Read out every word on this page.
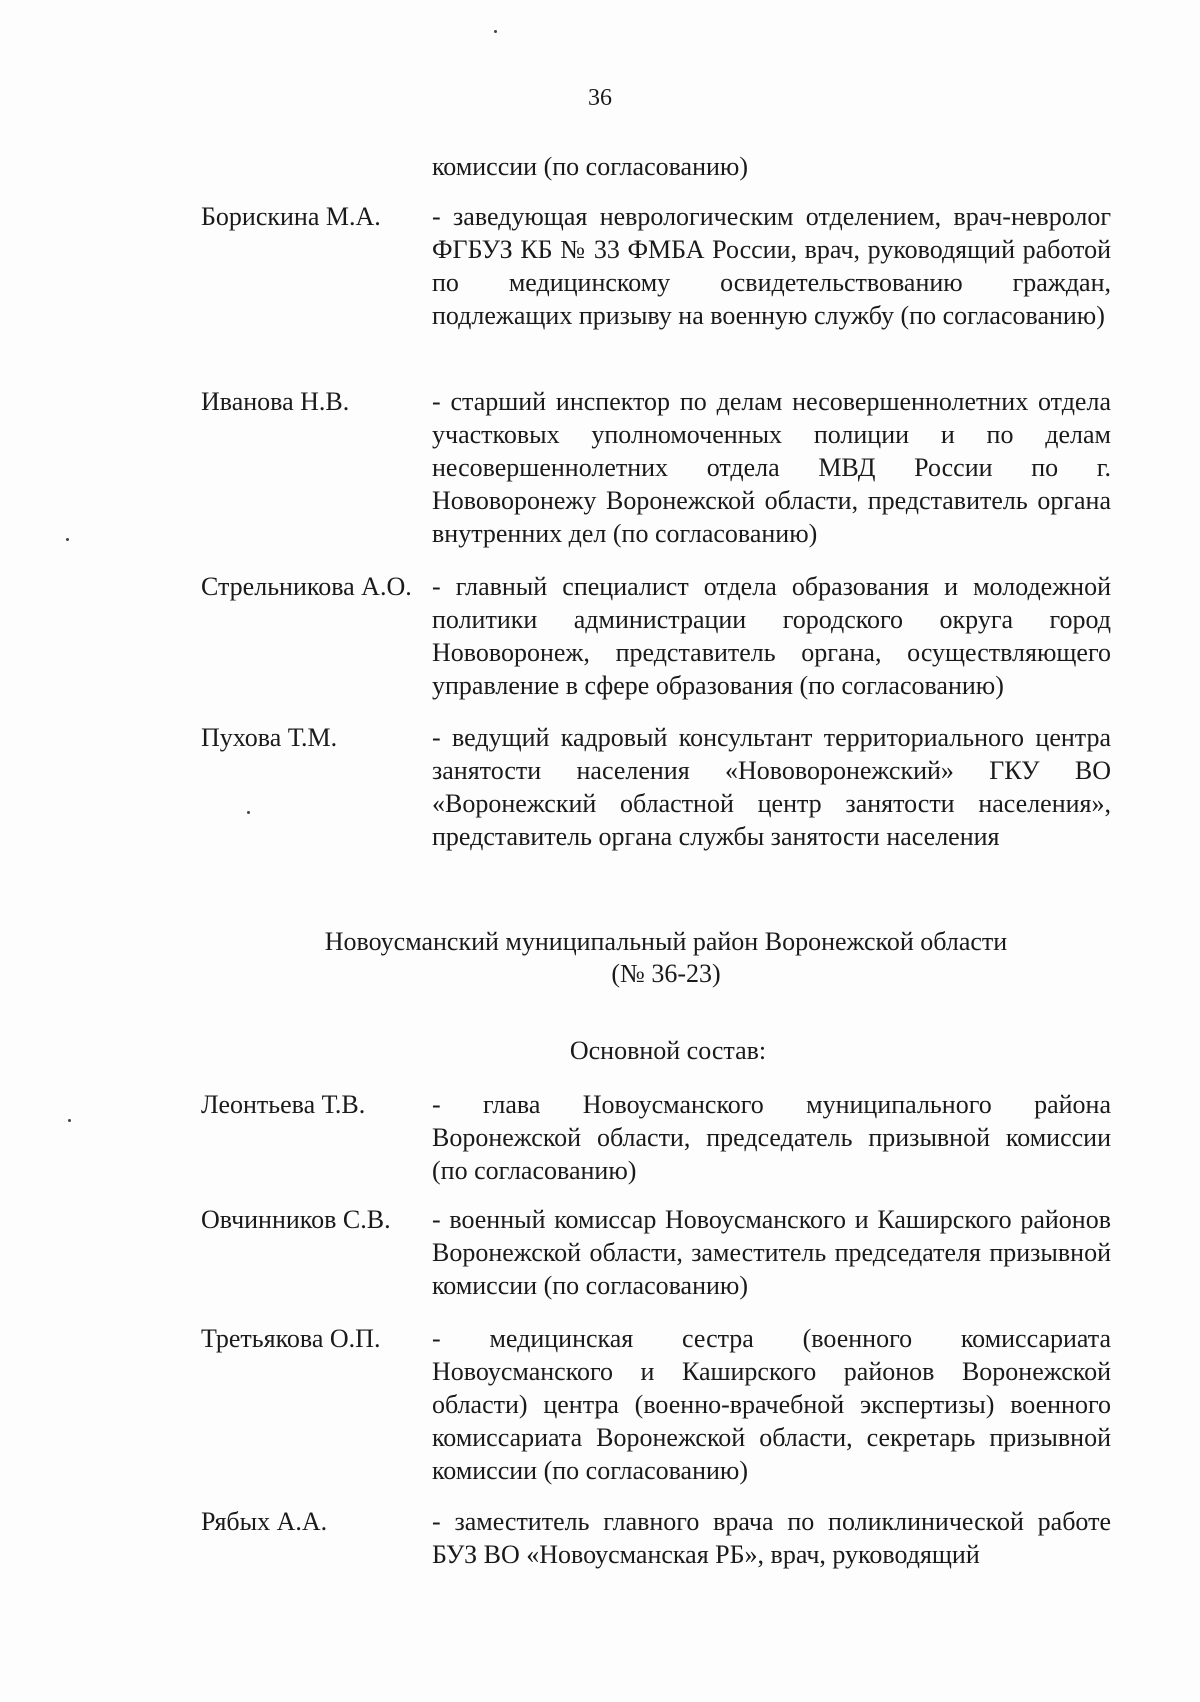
36
комиссии (по согласованию)
Борискина М.А.	- заведующая неврологическим отделением, врач-невролог ФГБУЗ КБ № 33 ФМБА России, врач, руководящий работой по медицинскому освидетельствованию граждан, подлежащих призыву на военную службу (по согласованию)
Иванова Н.В.	- старший инспектор по делам несовершеннолетних отдела участковых уполномоченных полиции и по делам несовершеннолетних отдела МВД России по г. Нововоронежу Воронежской области, представитель органа внутренних дел (по согласованию)
Стрельникова А.О. - главный специалист отдела образования и молодежной политики администрации городского округа город Нововоронеж, представитель органа, осуществляющего управление в сфере образования (по согласованию)
Пухова Т.М.	- ведущий кадровый консультант территориального центра занятости населения «Нововоронежский» ГКУ ВО «Воронежский областной центр занятости населения», представитель органа службы занятости населения
Новоусманский муниципальный район Воронежской области
(№ 36-23)
Основной состав:
Леонтьева Т.В.	- глава Новоусманского муниципального района Воронежской области, председатель призывной комиссии (по согласованию)
Овчинников С.В.	- военный комиссар Новоусманского и Каширского районов Воронежской области, заместитель председателя призывной комиссии (по согласованию)
Третьякова О.П.	- медицинская сестра (военного комиссариата Новоусманского и Каширского районов Воронежской области) центра (военно-врачебной экспертизы) военного комиссариата Воронежской области, секретарь призывной комиссии (по согласованию)
Рябых А.А.	- заместитель главного врача по поликлинической работе БУЗ ВО «Новоусманская РБ», врач, руководящий
